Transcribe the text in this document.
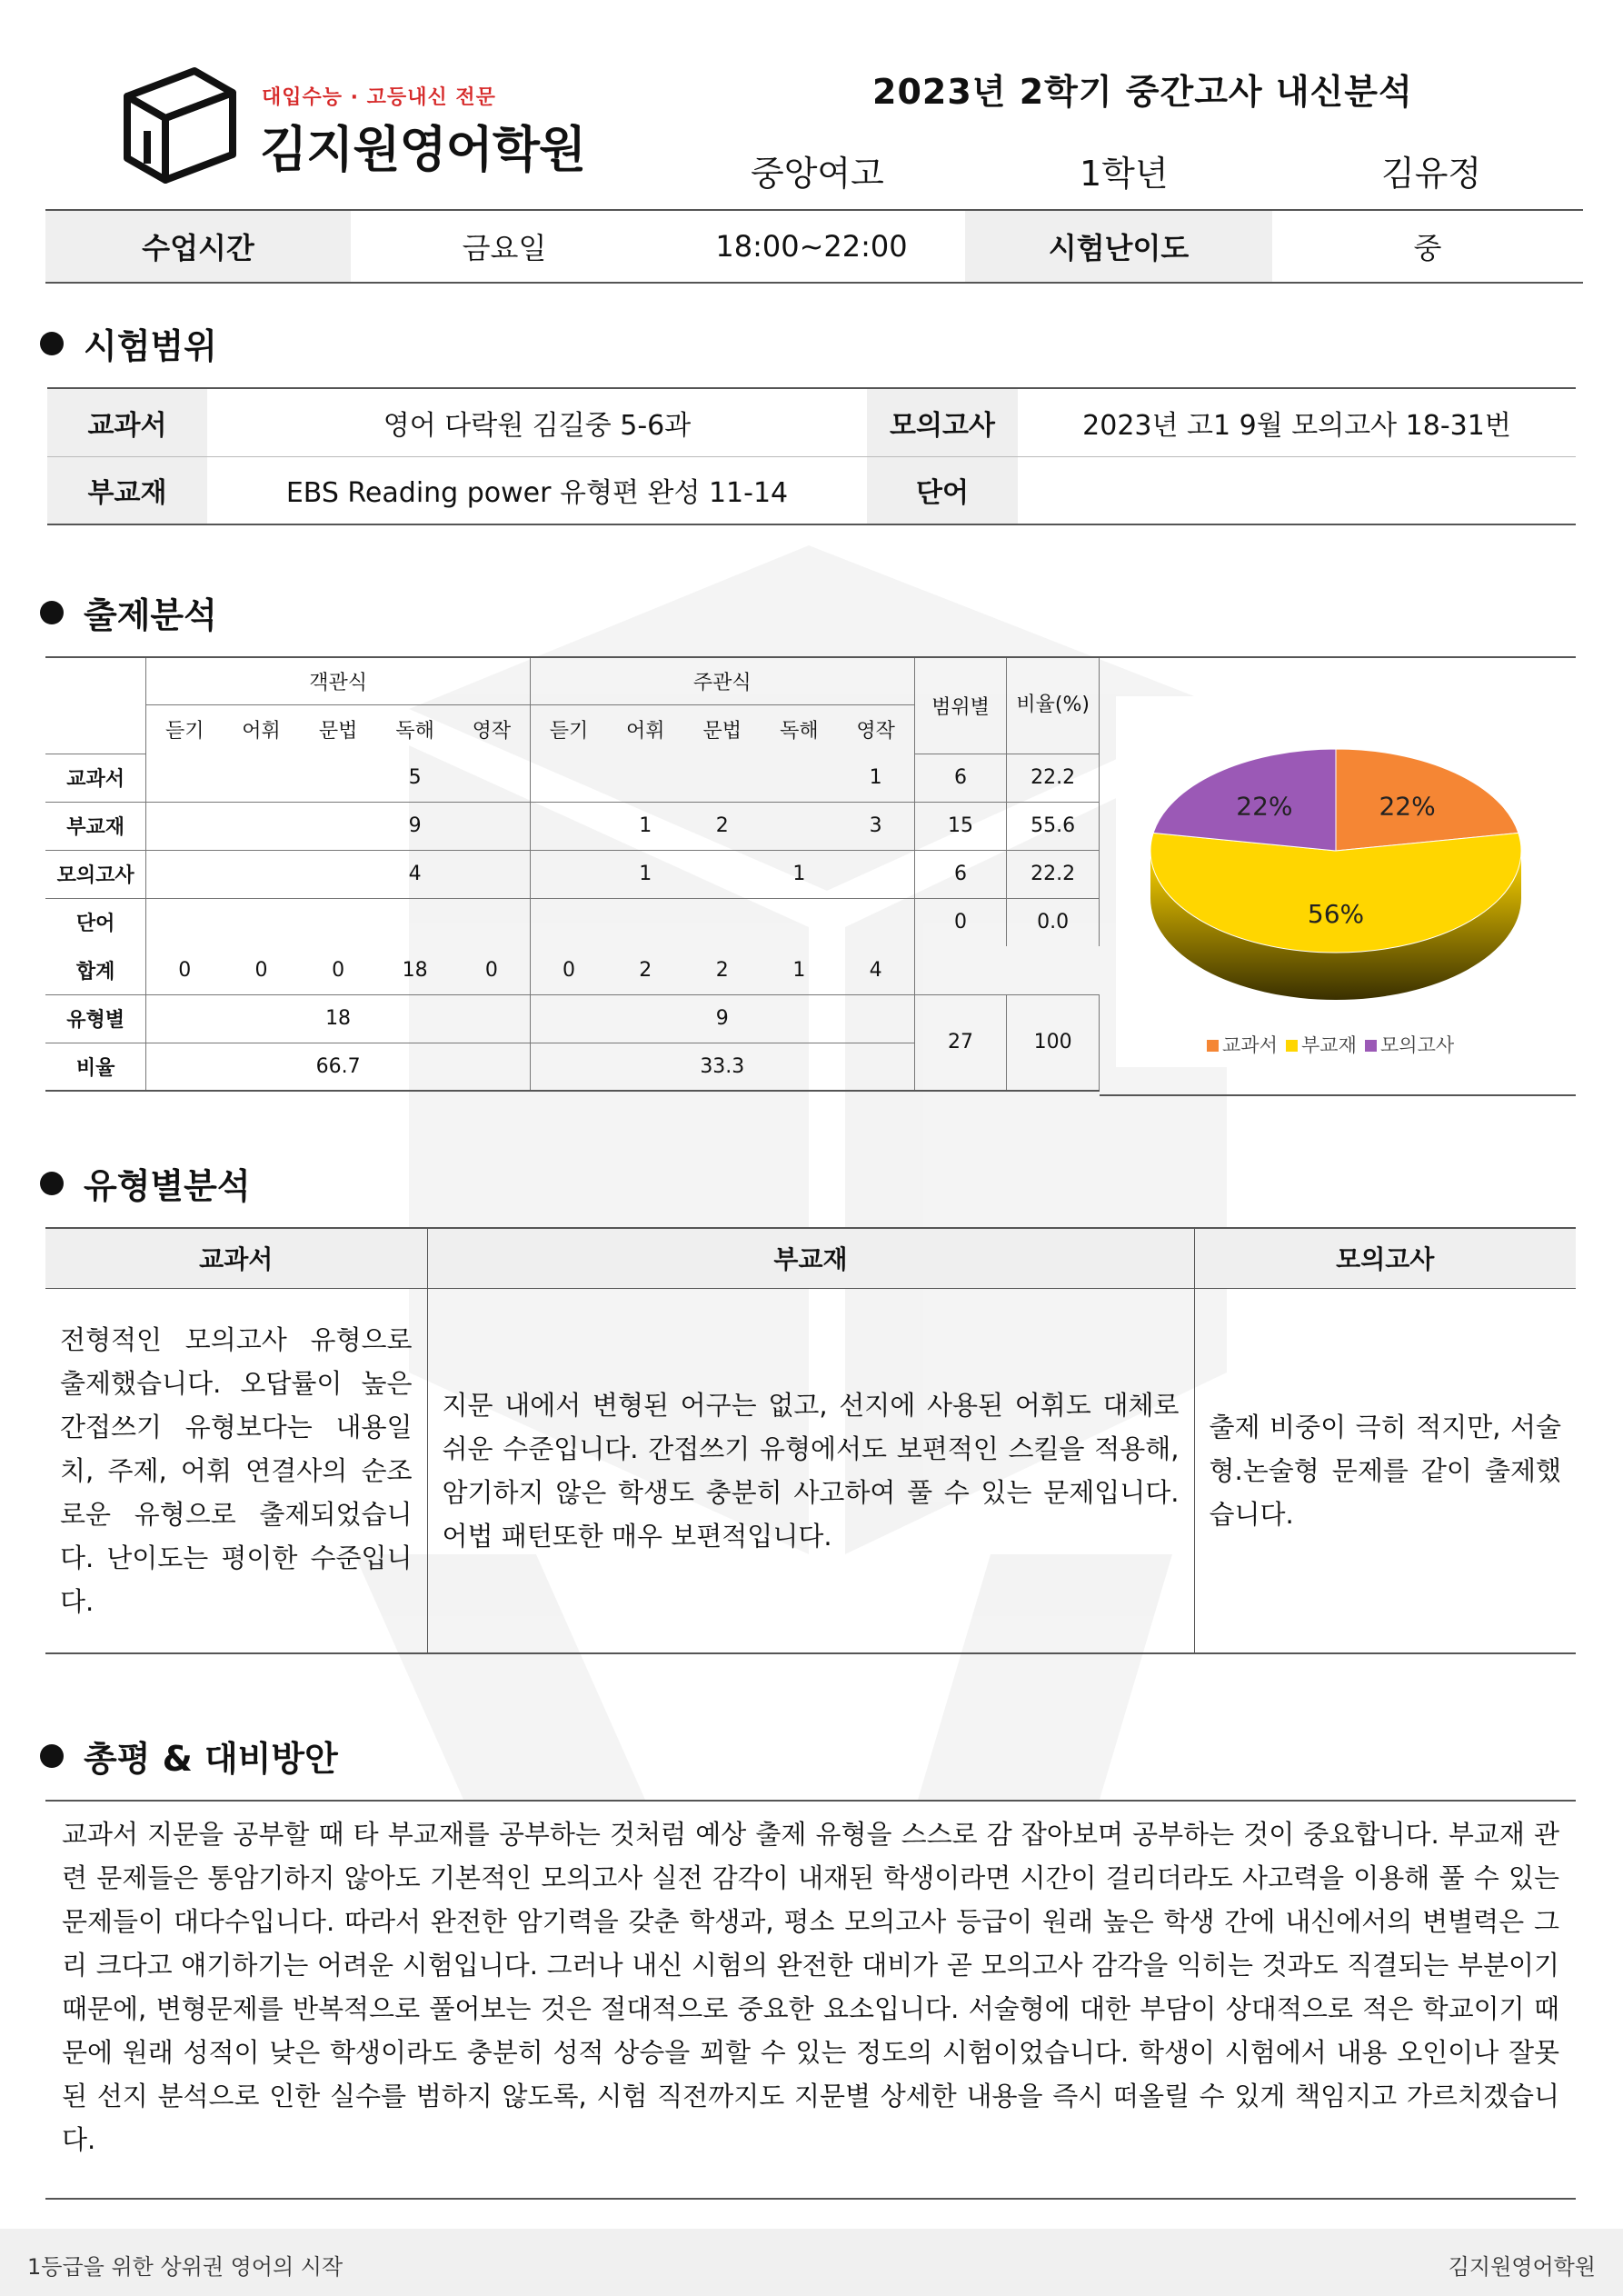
대입수능 · 고등내신 전문
김지원영어학원
2023년 2학기 중간고사 내신분석
중앙여고	1학년	김유정
수업시간	금요일	18:00~22:00	시험난이도	중
시험범위
교과서	영어 다락원 김길중 5-6과	모의고사	2023년 고1 9월 모의고사 18-31번
부교재	EBS Reading power 유형편 완성 11-14	단어	
출제분석
	객관식					주관식					범위별	비율(%)
	듣기	어휘	문법	독해	영작	듣기	어휘	문법	독해	영작		
교과서				5						1	6	22.2
부교재				9			1	2		3	15	55.6
모의고사				4			1		1		6	22.2
단어											0	0.0
합계	0	0	0	18	0	0	2	2	1	4		
유형별	18					9					27	100
비율	66.7					33.3						
22%
56%
22%
교과서 부교재 모의고사
유형별분석
교과서	부교재	모의고사
전형적인 모의고사 유형으로 출제했습니다. 오답률이 높은 간접쓰기 유형보다는 내용일치, 주제, 어휘 연결사의 순조로운 유형으로 출제되었습니다. 난이도는 평이한 수준입니다.	지문 내에서 변형된 어구는 없고, 선지에 사용된 어휘도 대체로 쉬운 수준입니다. 간접쓰기 유형에서도 보편적인 스킬을 적용해, 암기하지 않은 학생도 충분히 사고하여 풀 수 있는 문제입니다. 어법 패턴또한 매우 보편적입니다.	출제 비중이 극히 적지만, 서술형.논술형 문제를 같이 출제했습니다.
총평 & 대비방안

교과서 지문을 공부할 때 타 부교재를 공부하는 것처럼 예상 출제 유형을 스스로 감 잡아보며 공부하는 것이 중요합니다. 부교재 관련 문제들은 통암기하지 않아도 기본적인 모의고사 실전 감각이 내재된 학생이라면 시간이 걸리더라도 사고력을 이용해 풀 수 있는 문제들이 대다수입니다. 따라서 완전한 암기력을 갖춘 학생과, 평소 모의고사 등급이 원래 높은 학생 간에 내신에서의 변별력은 그리 크다고 얘기하기는 어려운 시험입니다. 그러나 내신 시험의 완전한 대비가 곧 모의고사 감각을 익히는 것과도 직결되는 부분이기 때문에, 변형문제를 반복적으로 풀어보는 것은 절대적으로 중요한 요소입니다. 서술형에 대한 부담이 상대적으로 적은 학교이기 때문에 원래 성적이 낮은 학생이라도 충분히 성적 상승을 꾀할 수 있는 정도의 시험이었습니다. 학생이 시험에서 내용 오인이나 잘못된 선지 분석으로 인한 실수를 범하지 않도록, 시험 직전까지도 지문별 상세한 내용을 즉시 떠올릴 수 있게 책임지고 가르치겠습니다.

1등급을 위한 상위권 영어의 시작	김지원영어학원
